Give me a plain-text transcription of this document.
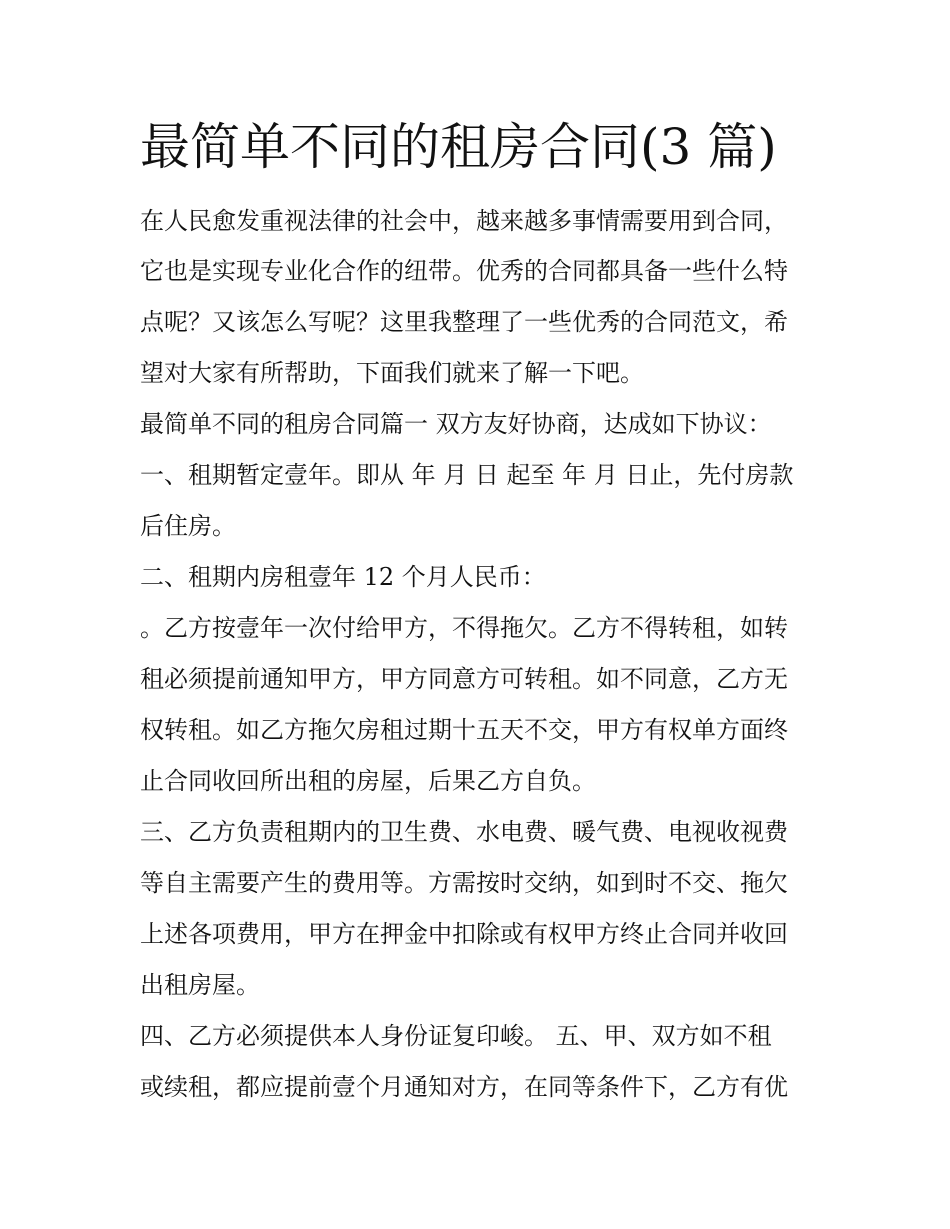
最简单不同的租房合同(3 篇)

在人民愈发重视法律的社会中，越来越多事情需要用到合同，

它也是实现专业化合作的纽带。优秀的合同都具备一些什么特

点呢？又该怎么写呢？这里我整理了一些优秀的合同范文，希

望对大家有所帮助，下面我们就来了解一下吧。

最简单不同的租房合同篇一 双方友好协商，达成如下协议：

一、租期暂定壹年。即从 年 月 日 起至 年 月 日止，先付房款

后住房。

二、租期内房租壹年 12 个月人民币：

。乙方按壹年一次付给甲方，不得拖欠。乙方不得转租，如转

租必须提前通知甲方，甲方同意方可转租。如不同意，乙方无

权转租。如乙方拖欠房租过期十五天不交，甲方有权单方面终

止合同收回所出租的房屋，后果乙方自负。

三、乙方负责租期内的卫生费、水电费、暖气费、电视收视费

等自主需要产生的费用等。方需按时交纳，如到时不交、拖欠

上述各项费用，甲方在押金中扣除或有权甲方终止合同并收回

出租房屋。

四、乙方必须提供本人身份证复印峻。 五、甲、双方如不租

或续租，都应提前壹个月通知对方，在同等条件下，乙方有优
